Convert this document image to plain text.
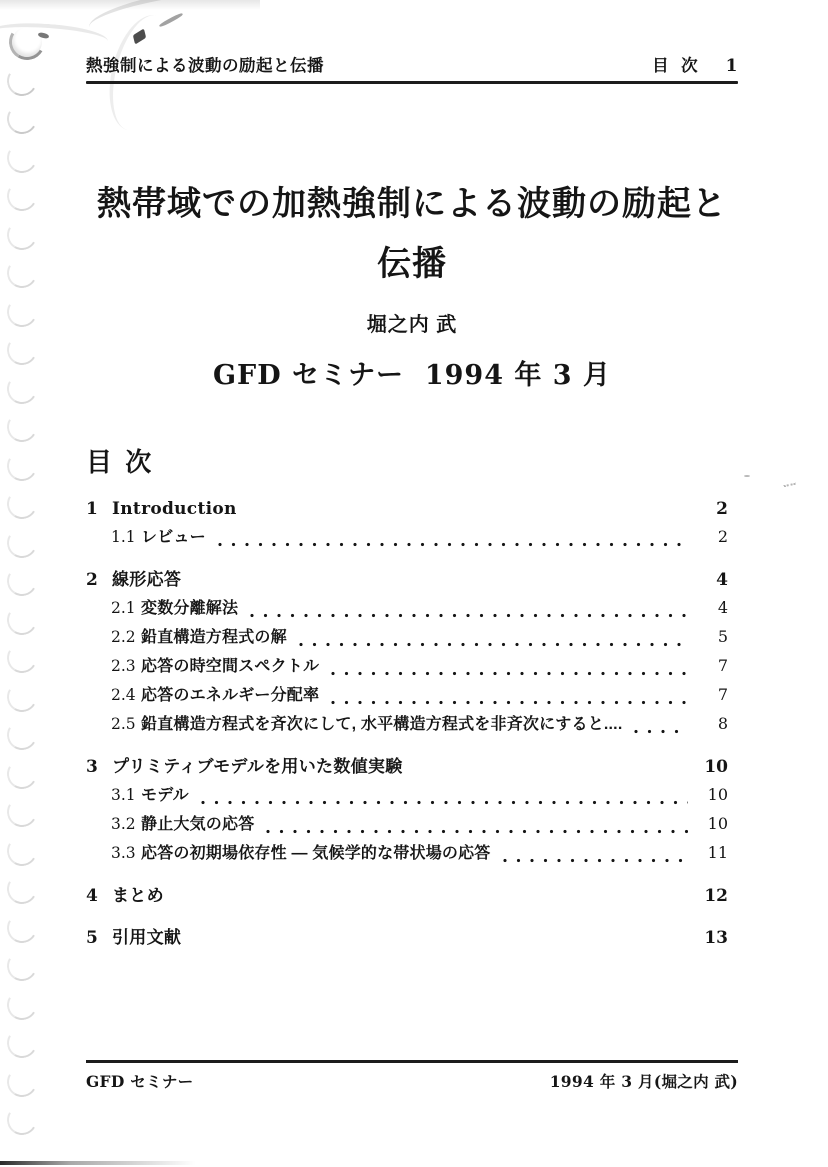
熱強制による波動の励起と伝播	目 次 1
熱帯域での加熱強制による波動の励起と
伝播
堀之内 武
GFD セミナー  1994 年 3 月
目 次
1 Introduction	2
1.1 レビュー	2
2 線形応答	4
2.1 変数分離解法	4
2.2 鉛直構造方程式の解	5
2.3 応答の時空間スペクトル	7
2.4 応答のエネルギー分配率	7
2.5 鉛直構造方程式を斉次にして, 水平構造方程式を非斉次にすると....	8
3 プリミティブモデルを用いた数値実験	10
3.1 モデル	10
3.2 静止大気の応答	10
3.3 応答の初期場依存性 — 気候学的な帯状場の応答	11
4 まとめ	12
5 引用文献	13
GFD セミナー	1994 年 3 月(堀之内 武)
